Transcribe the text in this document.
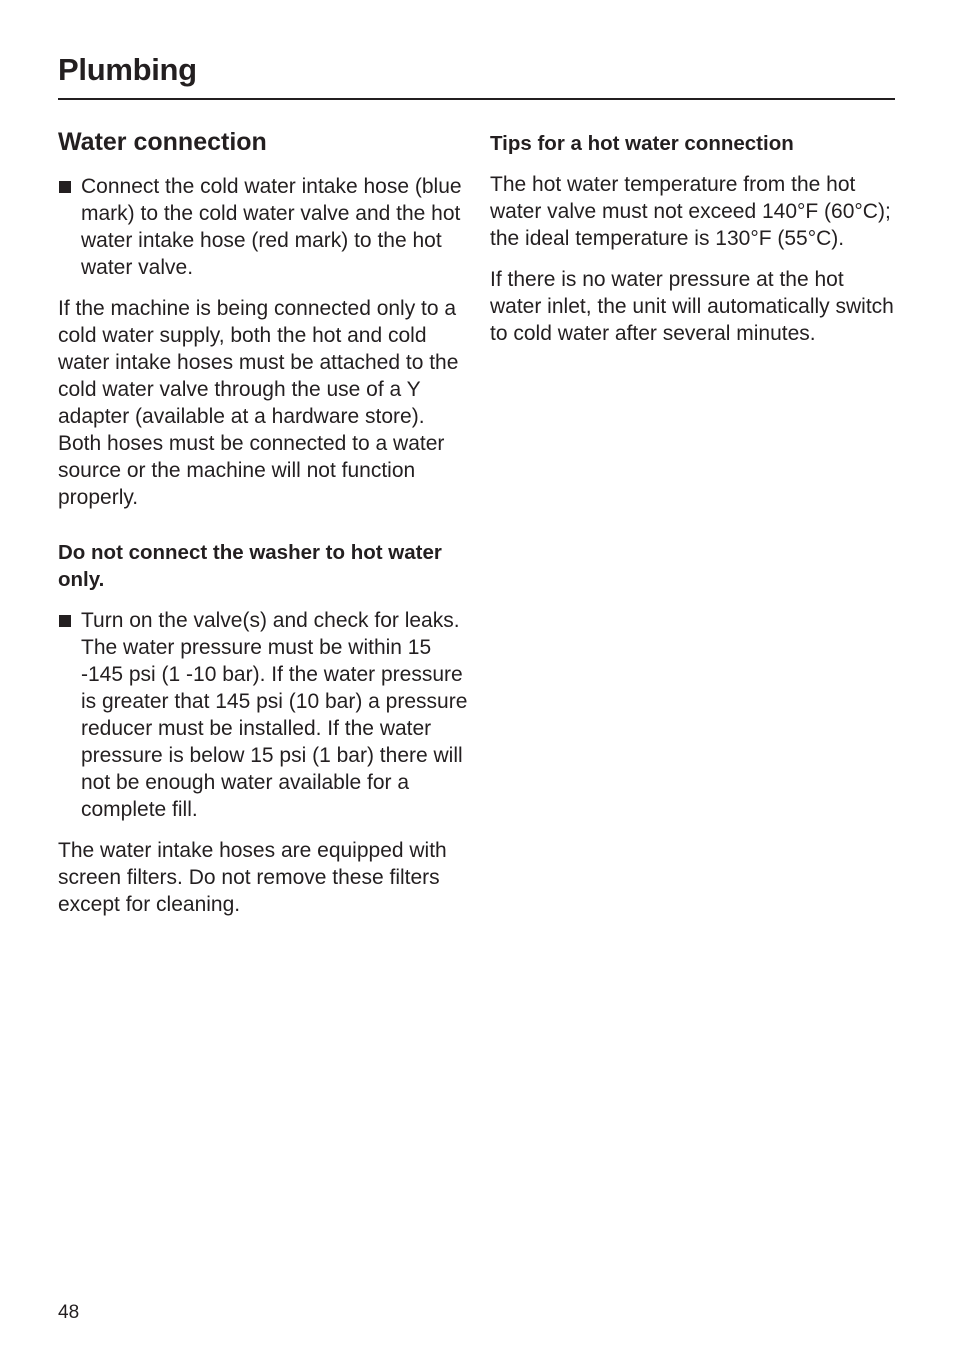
Plumbing
Water connection
Connect the cold water intake hose (blue mark) to the cold water valve and the hot water intake hose (red mark) to the hot water valve.

If the machine is being connected only to a cold water supply, both the hot and cold water intake hoses must be attached to the cold water valve through the use of a Y adapter (available at a hardware store). Both hoses must be connected to a water source or the machine will not function properly.

Do not connect the washer to hot water only.

Turn on the valve(s) and check for leaks. The water pressure must be within 15 -145 psi (1 -10 bar). If the water pressure is greater that 145 psi (10 bar) a pressure reducer must be installed. If the water pressure is below 15 psi (1 bar) there will not be enough water available for a complete fill.

The water intake hoses are equipped with screen filters. Do not remove these filters except for cleaning.

Tips for a hot water connection

The hot water temperature from the hot water valve must not exceed 140°F (60°C); the ideal temperature is 130°F (55°C).

If there is no water pressure at the hot water inlet, the unit will automatically switch to cold water after several minutes.

48
